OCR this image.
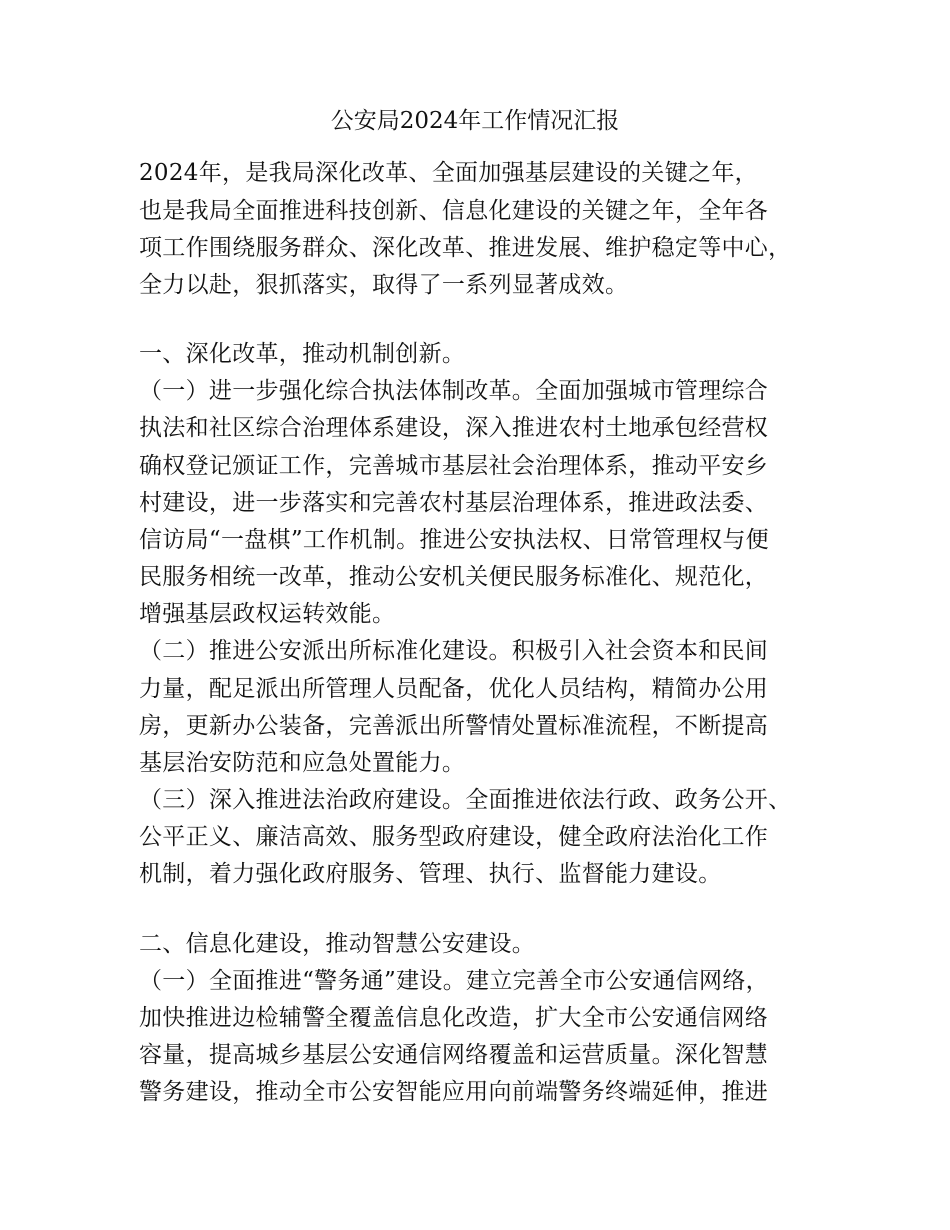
公安局2024年工作情况汇报
2024年，是我局深化改革、全面加强基层建设的关键之年，
也是我局全面推进科技创新、信息化建设的关键之年，全年各
项工作围绕服务群众、深化改革、推进发展、维护稳定等中心，
全力以赴，狠抓落实，取得了一系列显著成效。
一、深化改革，推动机制创新。
（一）进一步强化综合执法体制改革。全面加强城市管理综合
执法和社区综合治理体系建设，深入推进农村土地承包经营权
确权登记颁证工作，完善城市基层社会治理体系，推动平安乡
村建设，进一步落实和完善农村基层治理体系，推进政法委、
信访局“一盘棋”工作机制。推进公安执法权、日常管理权与便
民服务相统一改革，推动公安机关便民服务标准化、规范化，
增强基层政权运转效能。
（二）推进公安派出所标准化建设。积极引入社会资本和民间
力量，配足派出所管理人员配备，优化人员结构，精简办公用
房，更新办公装备，完善派出所警情处置标准流程，不断提高
基层治安防范和应急处置能力。
（三）深入推进法治政府建设。全面推进依法行政、政务公开、
公平正义、廉洁高效、服务型政府建设，健全政府法治化工作
机制，着力强化政府服务、管理、执行、监督能力建设。
二、信息化建设，推动智慧公安建设。
（一）全面推进“警务通”建设。建立完善全市公安通信网络，
加快推进边检辅警全覆盖信息化改造，扩大全市公安通信网络
容量，提高城乡基层公安通信网络覆盖和运营质量。深化智慧
警务建设，推动全市公安智能应用向前端警务终端延伸，推进
